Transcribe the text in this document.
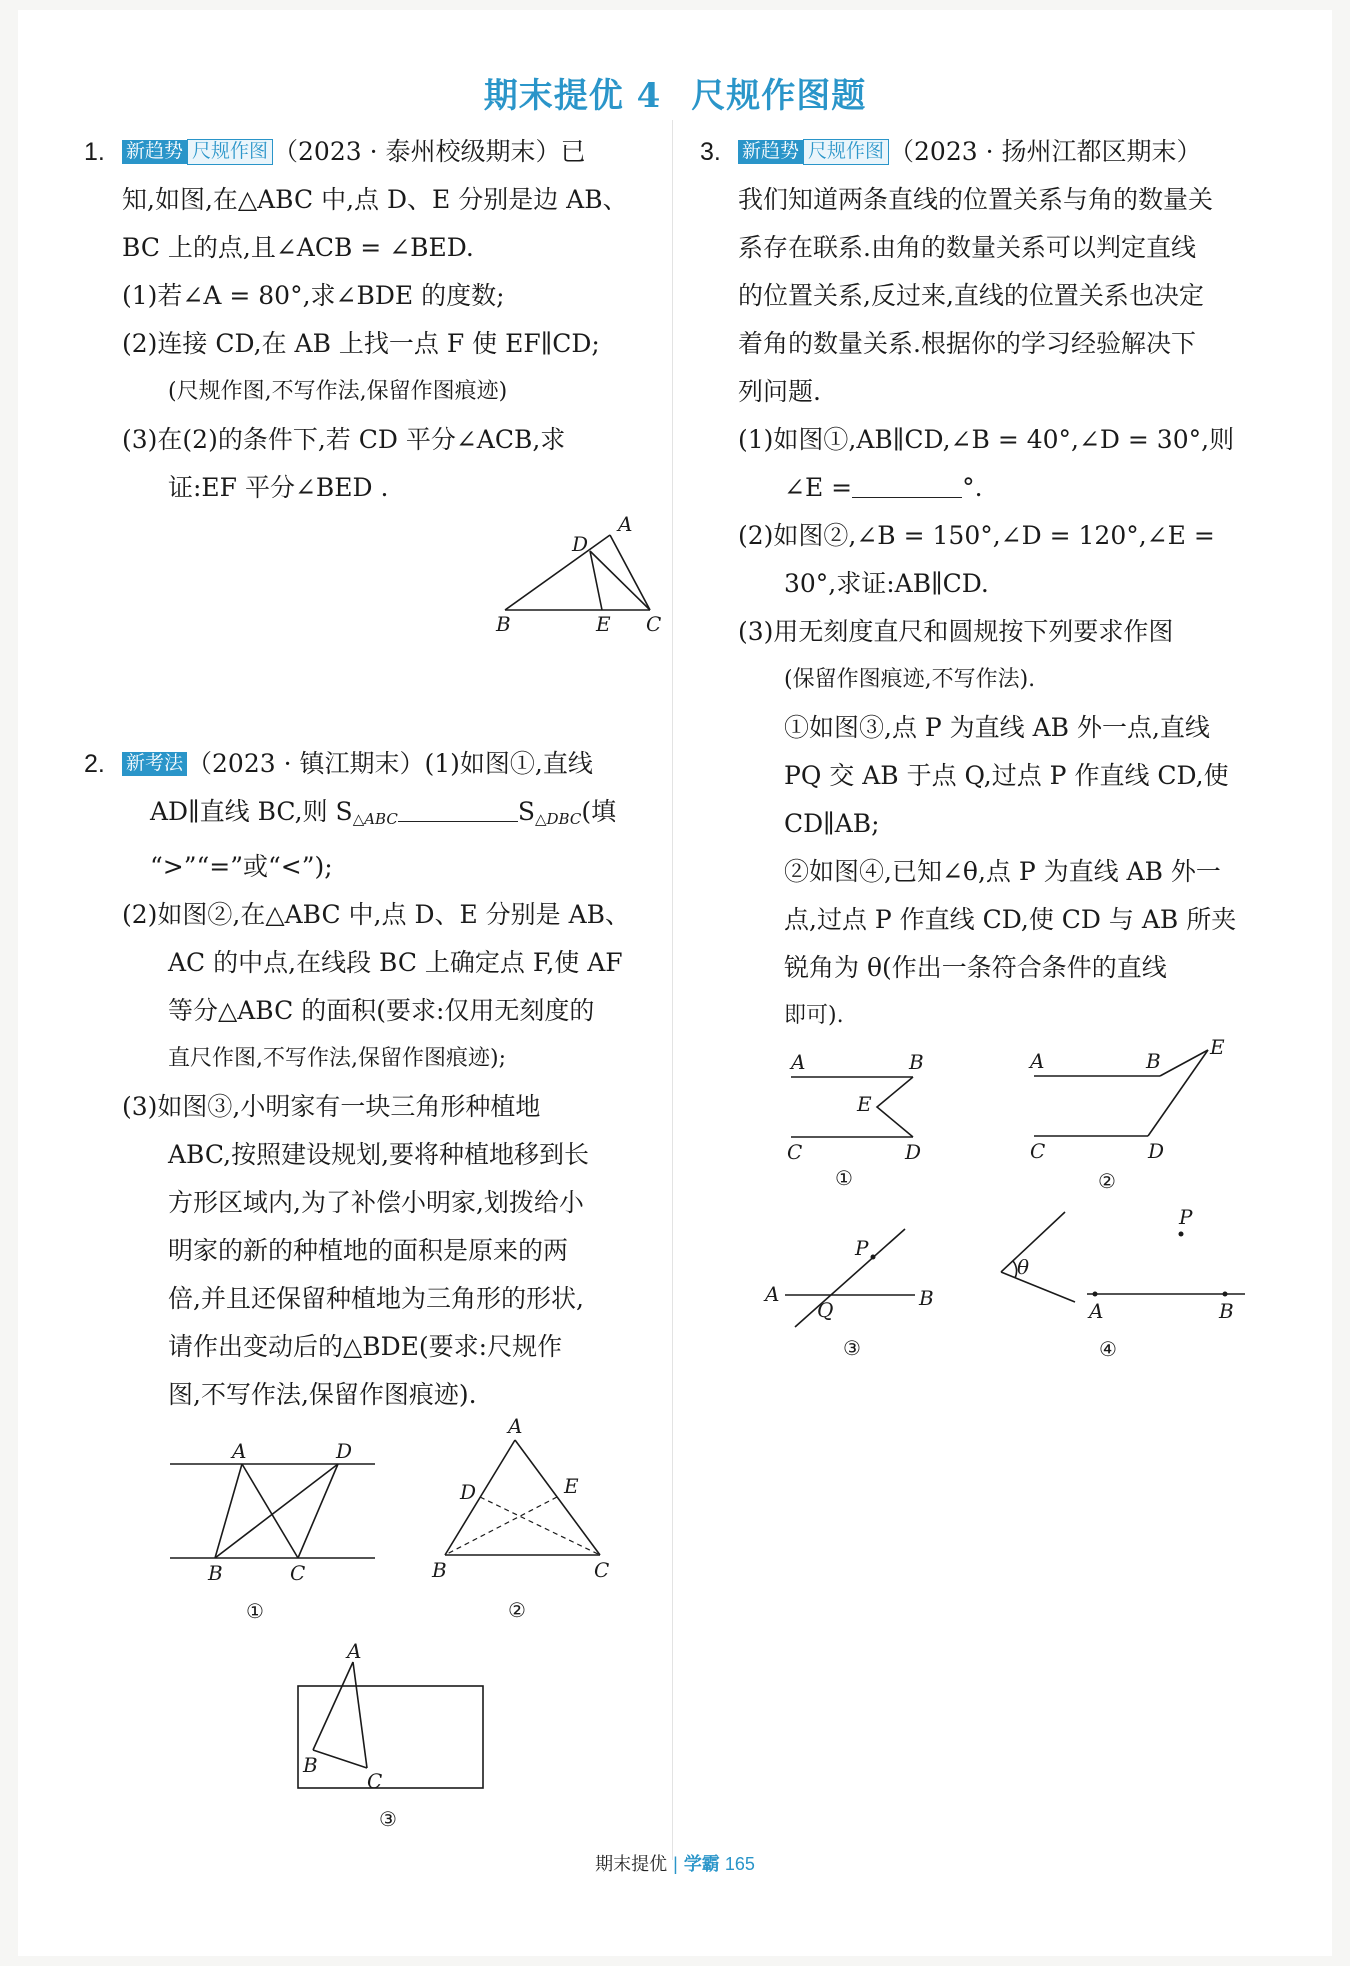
期末提优 4 尺规作图题
1. 新趋势 尺规作图 （2023 · 泰州校级期末）已
知,如图,在△ABC 中,点 D、E 分别是边 AB、
BC 上的点,且∠ACB = ∠BED.
(1)若∠A = 80°,求∠BDE 的度数;
(2)连接 CD,在 AB 上找一点 F 使 EF∥CD;
(尺规作图,不写作法,保留作图痕迹)
(3)在(2)的条件下,若 CD 平分∠ACB,求
证:EF 平分∠BED .
A
D
B	E C
2. 新考法 （2023 · 镇江期末）(1)如图①,直线
AD∥直线 BC,则 $S_{\triangle ABC}$	$S_{\triangle DBC}$(填
“>”“=”或“<”);
(2)如图②,在△ABC 中,点 D、E 分别是 AB、
AC 的中点,在线段 BC 上确定点 F,使 AF
等分△ABC 的面积(要求:仅用无刻度的
直尺作图,不写作法,保留作图痕迹);
(3)如图③,小明家有一块三角形种植地
ABC,按照建设规划,要将种植地移到长
方形区域内,为了补偿小明家,划拨给小
明家的新的种植地的面积是原来的两
倍,并且还保留种植地为三角形的形状,
请作出变动后的△BDE(要求:尺规作
图,不写作法,保留作图痕迹).
A	D
B	C
①
A
D	E
B	C
②
A
B
C
③
3. 新趋势 尺规作图 （2023 · 扬州江都区期末）
我们知道两条直线的位置关系与角的数量关
系存在联系.由角的数量关系可以判定直线
的位置关系,反过来,直线的位置关系也决定
着角的数量关系.根据你的学习经验解决下
列问题.
(1)如图①,AB∥CD,∠B = 40°,∠D = 30°,则
∠E =	°.
(2)如图②,∠B = 150°,∠D = 120°,∠E =
30°,求证:AB∥CD.
(3)用无刻度直尺和圆规按下列要求作图
(保留作图痕迹,不写作法).
①如图③,点 P 为直线 AB 外一点,直线
PQ 交 AB 于点 Q,过点 P 作直线 CD,使
CD∥AB;
②如图④,已知∠θ,点 P 为直线 AB 外一
点,过点 P 作直线 CD,使 CD 与 AB 所夹
锐角为 θ(作出一条符合条件的直线
即可).
A	B
E
C	D
①
A	B
E
C	D
②
A	B
P
Q
③
θ
A	B
P
④
期末提优 | 学霸 165
